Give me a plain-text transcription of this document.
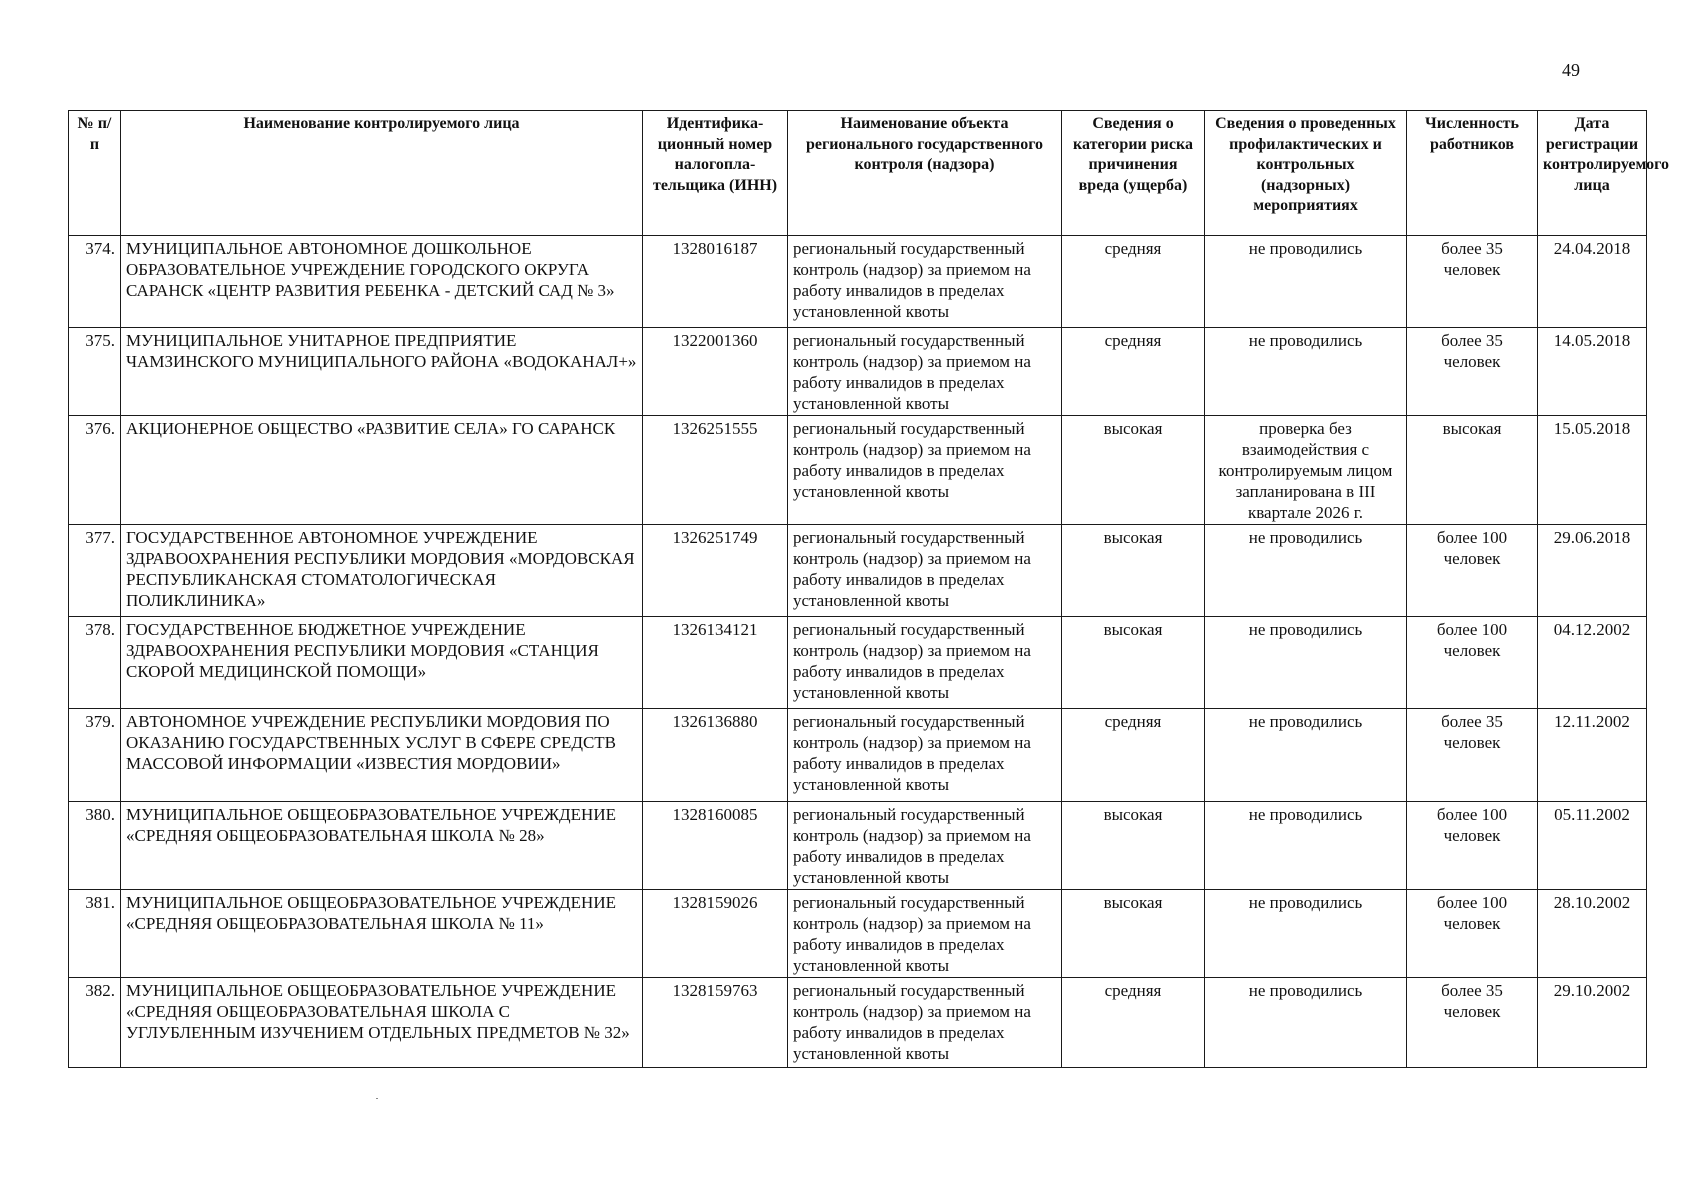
49
№ п/п	Наименование контролируемого лица	Идентифика-ционный номер налогопла-тельщика (ИНН)	Наименование объекта регионального государственного контроля (надзора)	Сведения о категории риска причинения вреда (ущерба)	Сведения о проведенных профилактических и контрольных (надзорных) мероприятиях	Численность работников	Дата регистрации контролируемого лица
374.	МУНИЦИПАЛЬНОЕ АВТОНОМНОЕ ДОШКОЛЬНОЕ ОБРАЗОВАТЕЛЬНОЕ УЧРЕЖДЕНИЕ ГОРОДСКОГО ОКРУГА САРАНСК «ЦЕНТР РАЗВИТИЯ РЕБЕНКА - ДЕТСКИЙ САД № 3»	1328016187	региональный государственный контроль (надзор) за приемом на работу инвалидов в пределах установленной квоты	средняя	не проводились	более 35 человек	24.04.2018
375.	МУНИЦИПАЛЬНОЕ УНИТАРНОЕ ПРЕДПРИЯТИЕ ЧАМЗИНСКОГО МУНИЦИПАЛЬНОГО РАЙОНА «ВОДОКАНАЛ+»	1322001360	региональный государственный контроль (надзор) за приемом на работу инвалидов в пределах установленной квоты	средняя	не проводились	более 35 человек	14.05.2018
376.	АКЦИОНЕРНОЕ ОБЩЕСТВО «РАЗВИТИЕ СЕЛА» ГО САРАНСК	1326251555	региональный государственный контроль (надзор) за приемом на работу инвалидов в пределах установленной квоты	высокая	проверка без взаимодействия с контролируемым лицом запланирована в III квартале 2026 г.	высокая	15.05.2018
377.	ГОСУДАРСТВЕННОЕ АВТОНОМНОЕ УЧРЕЖДЕНИЕ ЗДРАВООХРАНЕНИЯ РЕСПУБЛИКИ МОРДОВИЯ «МОРДОВСКАЯ РЕСПУБЛИКАНСКАЯ СТОМАТОЛОГИЧЕСКАЯ ПОЛИКЛИНИКА»	1326251749	региональный государственный контроль (надзор) за приемом на работу инвалидов в пределах установленной квоты	высокая	не проводились	более 100 человек	29.06.2018
378.	ГОСУДАРСТВЕННОЕ БЮДЖЕТНОЕ УЧРЕЖДЕНИЕ ЗДРАВООХРАНЕНИЯ РЕСПУБЛИКИ МОРДОВИЯ «СТАНЦИЯ СКОРОЙ МЕДИЦИНСКОЙ ПОМОЩИ»	1326134121	региональный государственный контроль (надзор) за приемом на работу инвалидов в пределах установленной квоты	высокая	не проводились	более 100 человек	04.12.2002
379.	АВТОНОМНОЕ УЧРЕЖДЕНИЕ РЕСПУБЛИКИ МОРДОВИЯ ПО ОКАЗАНИЮ ГОСУДАРСТВЕННЫХ УСЛУГ В СФЕРЕ СРЕДСТВ МАССОВОЙ ИНФОРМАЦИИ «ИЗВЕСТИЯ МОРДОВИИ»	1326136880	региональный государственный контроль (надзор) за приемом на работу инвалидов в пределах установленной квоты	средняя	не проводились	более 35 человек	12.11.2002
380.	МУНИЦИПАЛЬНОЕ ОБЩЕОБРАЗОВАТЕЛЬНОЕ УЧРЕЖДЕНИЕ «СРЕДНЯЯ ОБЩЕОБРАЗОВАТЕЛЬНАЯ ШКОЛА № 28»	1328160085	региональный государственный контроль (надзор) за приемом на работу инвалидов в пределах установленной квоты	высокая	не проводились	более 100 человек	05.11.2002
381.	МУНИЦИПАЛЬНОЕ ОБЩЕОБРАЗОВАТЕЛЬНОЕ УЧРЕЖДЕНИЕ «СРЕДНЯЯ ОБЩЕОБРАЗОВАТЕЛЬНАЯ ШКОЛА № 11»	1328159026	региональный государственный контроль (надзор) за приемом на работу инвалидов в пределах установленной квоты	высокая	не проводились	более 100 человек	28.10.2002
382.	МУНИЦИПАЛЬНОЕ ОБЩЕОБРАЗОВАТЕЛЬНОЕ УЧРЕЖДЕНИЕ «СРЕДНЯЯ ОБЩЕОБРАЗОВАТЕЛЬНАЯ ШКОЛА С УГЛУБЛЕННЫМ ИЗУЧЕНИЕМ ОТДЕЛЬНЫХ ПРЕДМЕТОВ № 32»	1328159763	региональный государственный контроль (надзор) за приемом на работу инвалидов в пределах установленной квоты	средняя	не проводились	более 35 человек	29.10.2002
